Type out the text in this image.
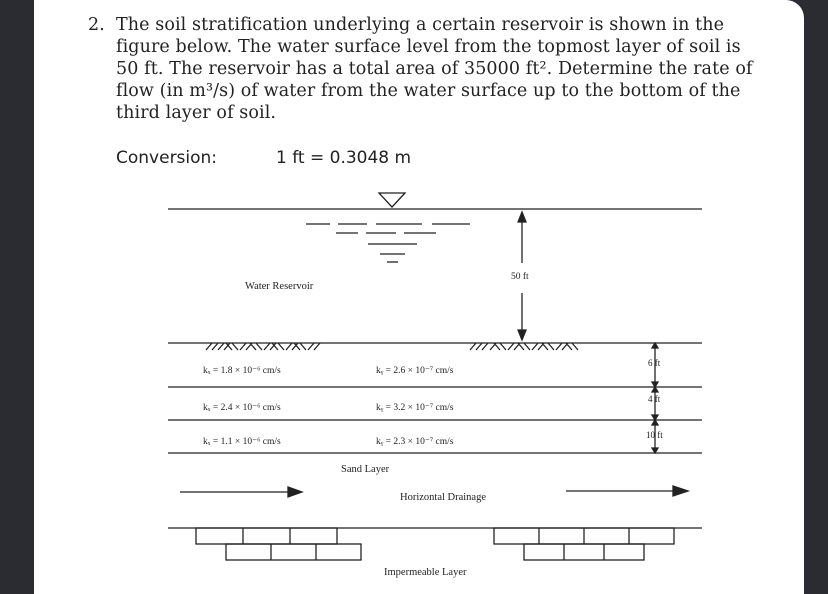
2. The soil stratification underlying a certain reservoir is shown in the
figure below. The water surface level from the topmost layer of soil is
50 ft. The reservoir has a total area of 35000 ft². Determine the rate of
flow (in m³/s) of water from the water surface up to the bottom of the
third layer of soil.
Conversion:	1 ft = 0.3048 m
Water Reservoir
50 ft
kₓ = 1.8 × 10⁻⁶ cm/s	kᵧ = 2.6 × 10⁻⁷ cm/s
6 ft
kₓ = 2.4 × 10⁻⁶ cm/s	kᵧ = 3.2 × 10⁻⁷ cm/s
4 ft
kₓ = 1.1 × 10⁻⁶ cm/s	kᵧ = 2.3 × 10⁻⁷ cm/s
10 ft
Sand Layer
Horizontal Drainage
Impermeable Layer
